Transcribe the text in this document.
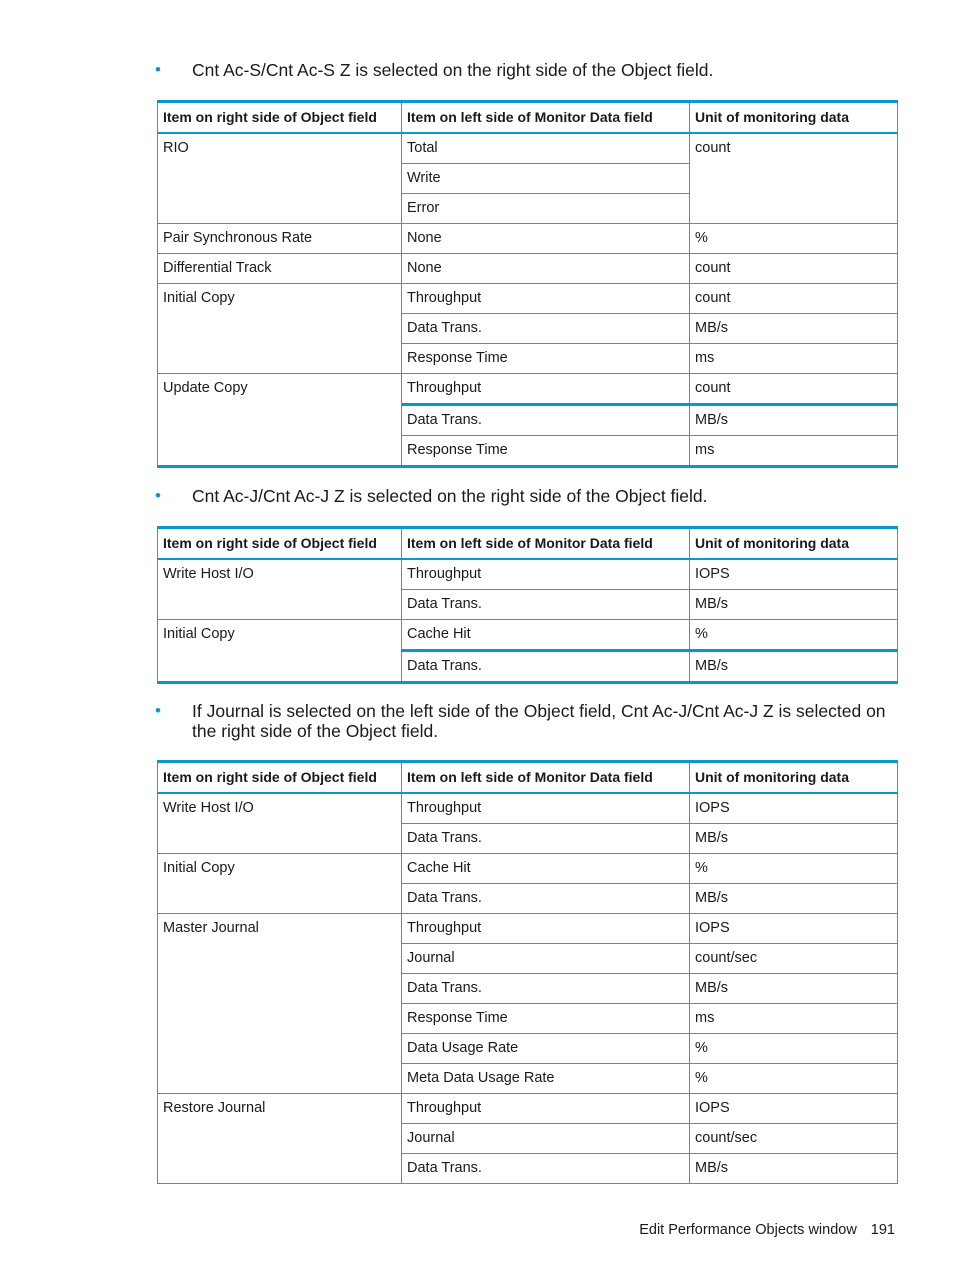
• Cnt Ac-S/Cnt Ac-S Z is selected on the right side of the Object field.
Item on right side of Object field	Item on left side of Monitor Data field	Unit of monitoring data
RIO	Total	count
	Write	
	Error	
Pair Synchronous Rate	None	%
Differential Track	None	count
Initial Copy	Throughput	count
	Data Trans.	MB/s
	Response Time	ms
Update Copy	Throughput	count
	Data Trans.	MB/s
	Response Time	ms
• Cnt Ac-J/Cnt Ac-J Z is selected on the right side of the Object field.
Item on right side of Object field	Item on left side of Monitor Data field	Unit of monitoring data
Write Host I/O	Throughput	IOPS
	Data Trans.	MB/s
Initial Copy	Cache Hit	%
	Data Trans.	MB/s
• If Journal is selected on the left side of the Object field, Cnt Ac-J/Cnt Ac-J Z is selected on the right side of the Object field.
Item on right side of Object field	Item on left side of Monitor Data field	Unit of monitoring data
Write Host I/O	Throughput	IOPS
	Data Trans.	MB/s
Initial Copy	Cache Hit	%
	Data Trans.	MB/s
Master Journal	Throughput	IOPS
	Journal	count/sec
	Data Trans.	MB/s
	Response Time	ms
	Data Usage Rate	%
	Meta Data Usage Rate	%
Restore Journal	Throughput	IOPS
	Journal	count/sec
	Data Trans.	MB/s
Edit Performance Objects window 191
